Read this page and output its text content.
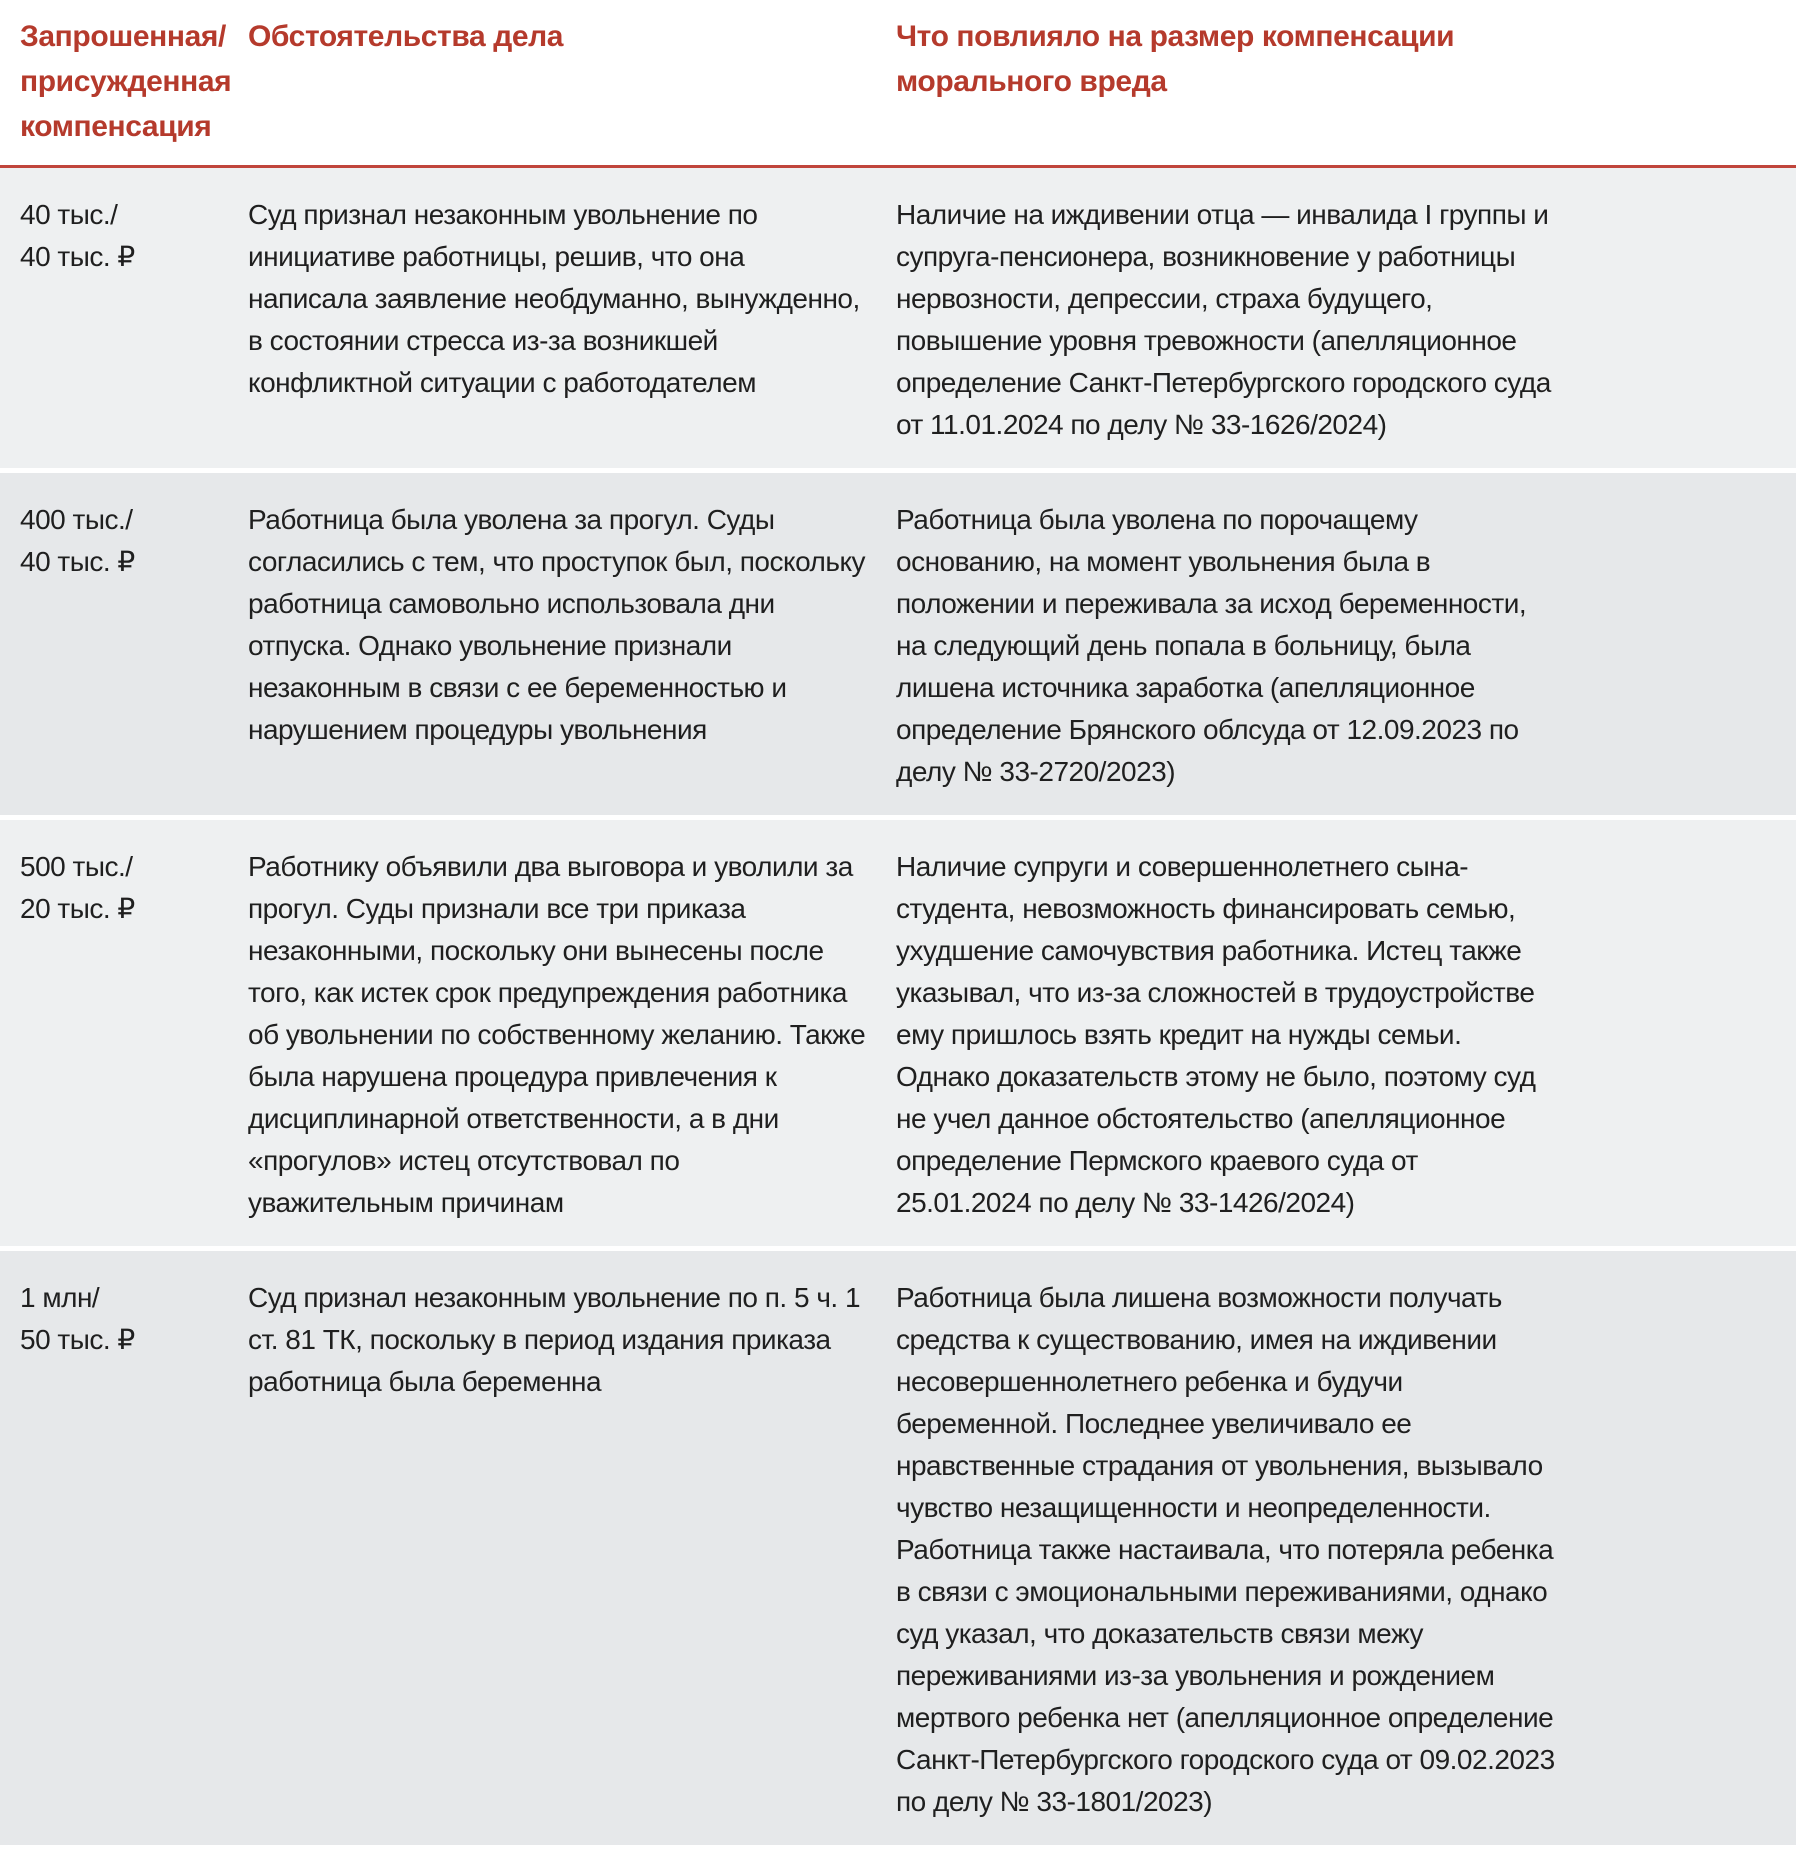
Запрошенная/ присужденная компенсация
Обстоятельства дела	Что повлияло на размер компенсации морального вреда
40 тыс./
40 тыс. ₽
Суд признал незаконным увольнение по инициативе работницы, решив, что она написала заявление необдуманно, вынужденно, в состоянии стресса из-за возникшей конфликтной ситуации с работодателем
Наличие на иждивении отца — инвалида I группы и супруга-пенсионера, возникновение у работницы нервозности, депрессии, страха будущего, повышение уровня тревожности (апелляционное определение Санкт-Петербургского городского суда от 11.01.2024 по делу № 33-1626/2024)
400 тыс./
40 тыс. ₽
Работница была уволена за прогул. Суды согласились с тем, что проступок был, поскольку работница самовольно использовала дни отпуска. Однако увольнение признали незаконным в связи с ее беременностью и нарушением процедуры увольнения
Работница была уволена по порочащему основанию, на момент увольнения была в положении и переживала за исход беременности, на следующий день попала в больницу, была лишена источника заработка (апелляционное определение Брянского облсуда от 12.09.2023 по делу № 33-2720/2023)
500 тыс./
20 тыс. ₽
Работнику объявили два выговора и уволили за прогул. Суды признали все три приказа незаконными, поскольку они вынесены после того, как истек срок предупреждения работника об увольнении по собственному желанию. Также была нарушена процедура привлечения к дисциплинарной ответственности, а в дни «прогулов» истец отсутствовал по уважительным причинам
Наличие супруги и совершеннолетнего сына-студента, невозможность финансировать семью, ухудшение самочувствия работника. Истец также указывал, что из-за сложностей в трудоустройстве ему пришлось взять кредит на нужды семьи. Однако доказательств этому не было, поэтому суд не учел данное обстоятельство (апелляционное определение Пермского краевого суда от 25.01.2024 по делу № 33-1426/2024)
1 млн/
50 тыс. ₽
Суд признал незаконным увольнение по п. 5 ч. 1 ст. 81 ТК, поскольку в период издания приказа работница была беременна
Работница была лишена возможности получать средства к существованию, имея на иждивении несовершеннолетнего ребенка и будучи беременной. Последнее увеличивало ее нравственные страдания от увольнения, вызывало чувство незащищенности и неопределенности. Работница также настаивала, что потеряла ребенка в связи с эмоциональными переживаниями, однако суд указал, что доказательств связи межу переживаниями из-за увольнения и рождением мертвого ребенка нет (апелляционное определение Санкт-Петербургского городского суда от 09.02.2023 по делу № 33-1801/2023)
